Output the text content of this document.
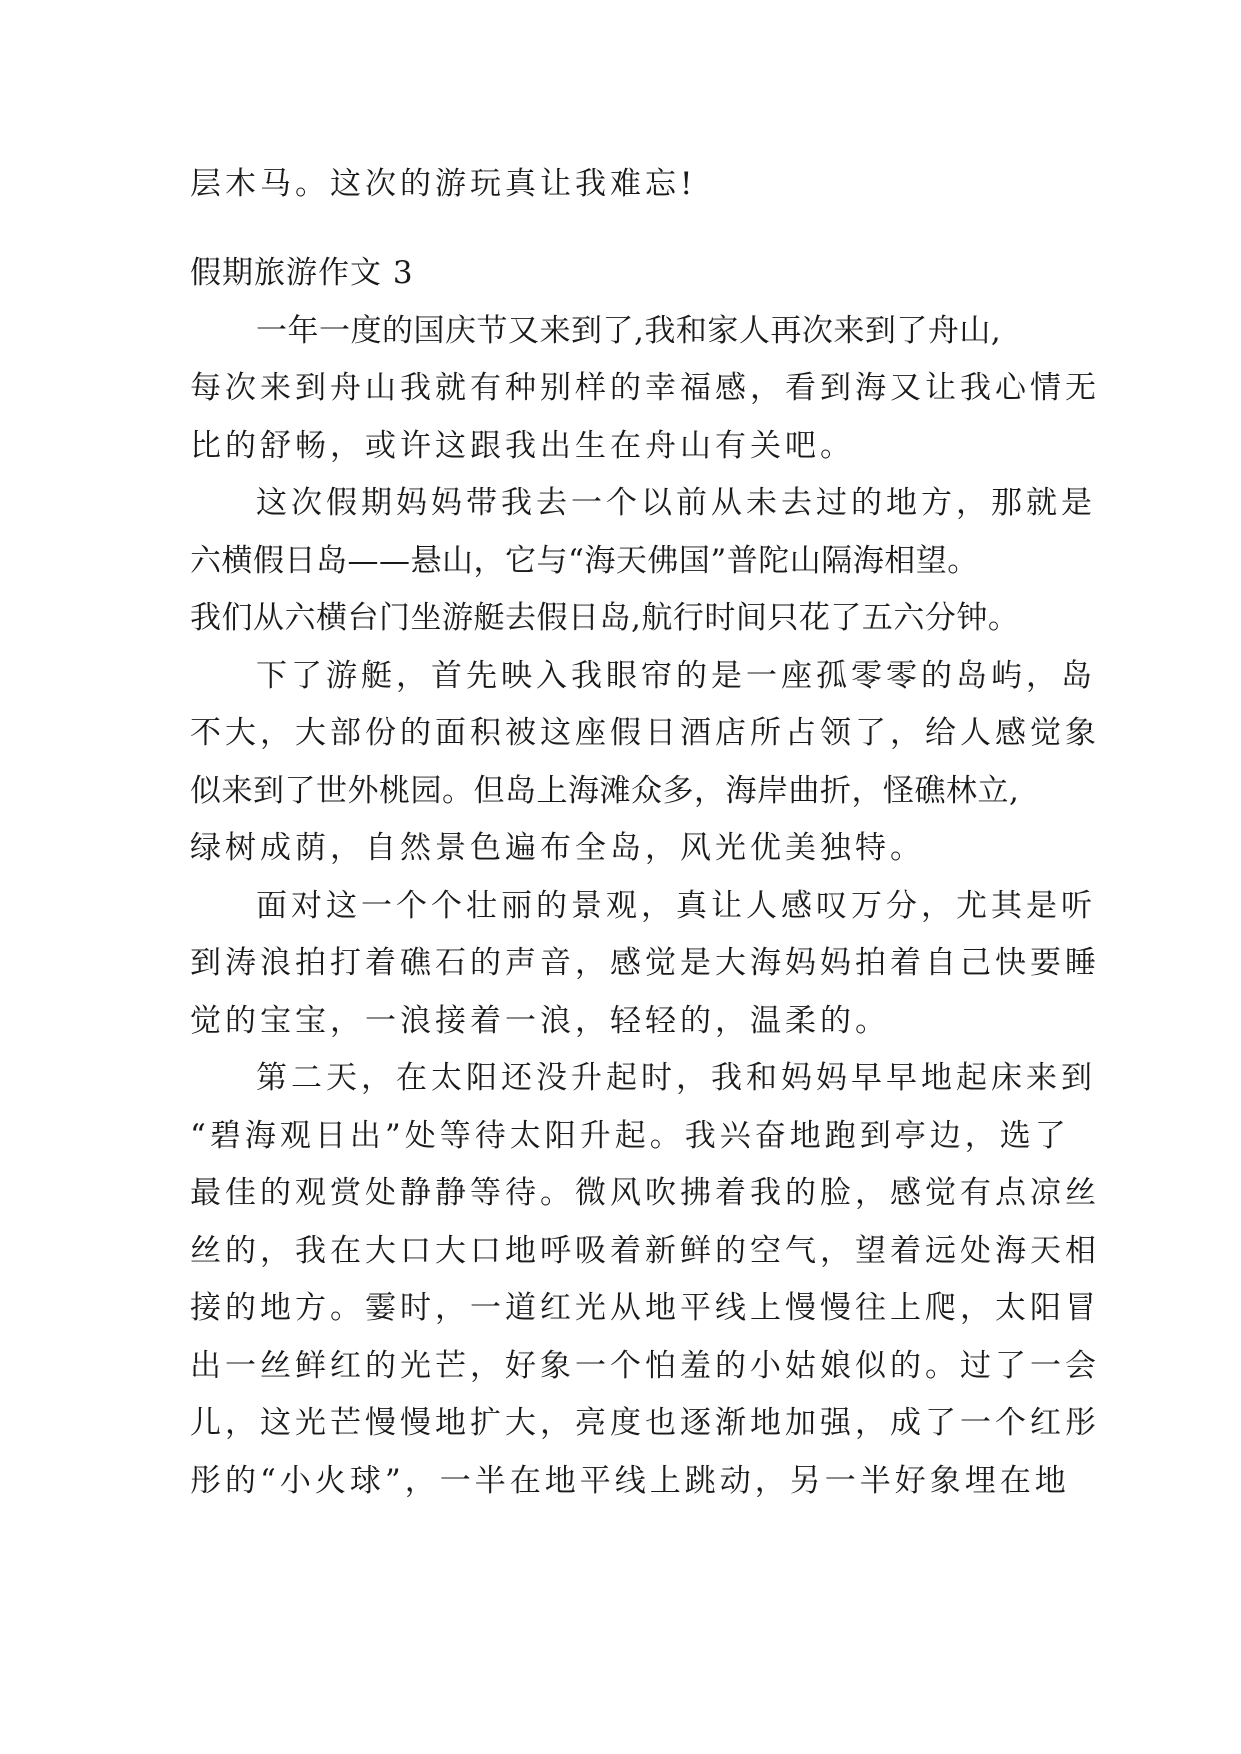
层木马。这次的游玩真让我难忘!
假期旅游作文 3
一年一度的国庆节又来到了,我和家人再次来到了舟山,
每次来到舟山我就有种别样的幸福感，看到海又让我心情无
比的舒畅，或许这跟我出生在舟山有关吧。
这次假期妈妈带我去一个以前从未去过的地方，那就是
六横假日岛——悬山，它与“海天佛国”普陀山隔海相望。
我们从六横台门坐游艇去假日岛,航行时间只花了五六分钟。
下了游艇，首先映入我眼帘的是一座孤零零的岛屿，岛
不大，大部份的面积被这座假日酒店所占领了，给人感觉象
似来到了世外桃园。但岛上海滩众多，海岸曲折，怪礁林立,
绿树成荫，自然景色遍布全岛，风光优美独特。
面对这一个个壮丽的景观，真让人感叹万分，尤其是听
到涛浪拍打着礁石的声音，感觉是大海妈妈拍着自己快要睡
觉的宝宝，一浪接着一浪，轻轻的，温柔的。
第二天，在太阳还没升起时，我和妈妈早早地起床来到
“碧海观日出”处等待太阳升起。我兴奋地跑到亭边，选了
最佳的观赏处静静等待。微风吹拂着我的脸，感觉有点凉丝
丝的，我在大口大口地呼吸着新鲜的空气，望着远处海天相
接的地方。霎时，一道红光从地平线上慢慢往上爬，太阳冒
出一丝鲜红的光芒，好象一个怕羞的小姑娘似的。过了一会
儿，这光芒慢慢地扩大，亮度也逐渐地加强，成了一个红彤
彤的“小火球”，一半在地平线上跳动，另一半好象埋在地
